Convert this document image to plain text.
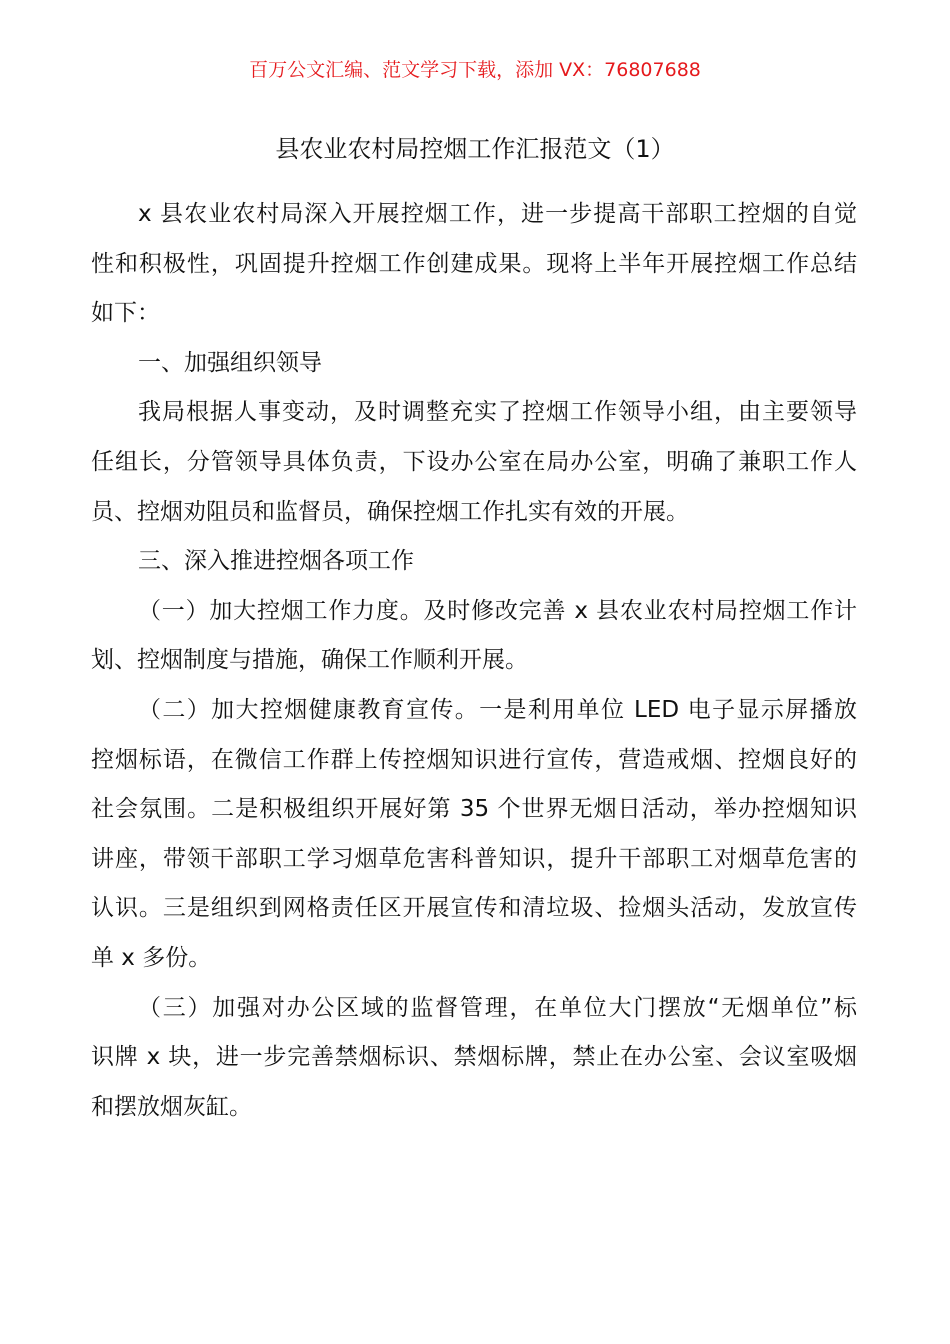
百万公文汇编、范文学习下载，添加 VX：76807688
县农业农村局控烟工作汇报范文（1）
x 县农业农村局深入开展控烟工作，进一步提高干部职工控烟的自觉
性和积极性，巩固提升控烟工作创建成果。现将上半年开展控烟工作总结
如下：
一、加强组织领导
我局根据人事变动，及时调整充实了控烟工作领导小组，由主要领导
任组长，分管领导具体负责，下设办公室在局办公室，明确了兼职工作人
员、控烟劝阻员和监督员，确保控烟工作扎实有效的开展。
三、深入推进控烟各项工作
（一）加大控烟工作力度。及时修改完善 x 县农业农村局控烟工作计
划、控烟制度与措施，确保工作顺利开展。
（二）加大控烟健康教育宣传。一是利用单位 LED 电子显示屏播放
控烟标语，在微信工作群上传控烟知识进行宣传，营造戒烟、控烟良好的
社会氛围。二是积极组织开展好第 35 个世界无烟日活动，举办控烟知识
讲座，带领干部职工学习烟草危害科普知识，提升干部职工对烟草危害的
认识。三是组织到网格责任区开展宣传和清垃圾、捡烟头活动，发放宣传
单 x 多份。
（三）加强对办公区域的监督管理，在单位大门摆放“无烟单位”标
识牌 x 块，进一步完善禁烟标识、禁烟标牌，禁止在办公室、会议室吸烟
和摆放烟灰缸。
